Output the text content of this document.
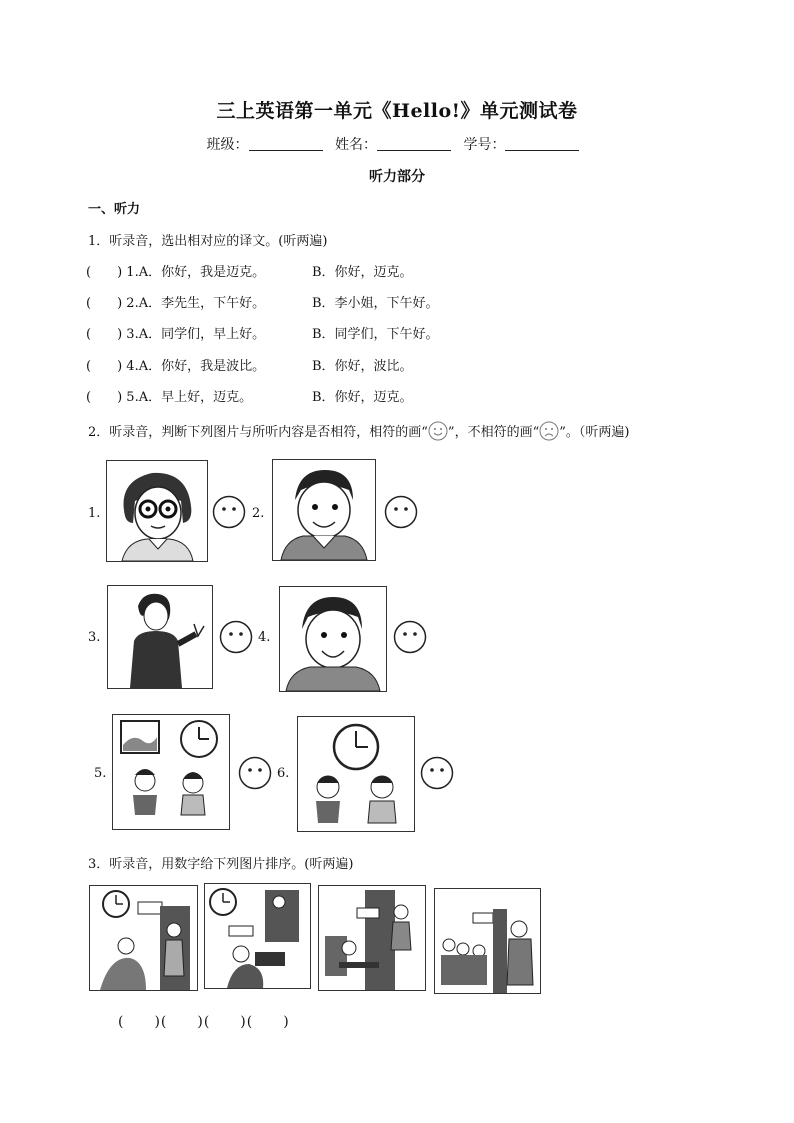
三上英语第一单元《Hello!》单元测试卷
班级：	姓名：	学号：
听力部分
一、听力
1．听录音，选出相对应的译文。(听两遍)
(　　) 1.A．你好，我是迈克。	B．你好，迈克。
(　　) 2.A．李先生，下午好。	B．李小姐，下午好。
(　　) 3.A．同学们，早上好。	B．同学们，下午好。
(　　) 4.A．你好，我是波比。	B．你好，波比。
(　　) 5.A．早上好，迈克。	B．你好，迈克。
2．听录音，判断下列图片与所听内容是否相符，相符的画“ ”，不相符的画“ ”。（听两遍)
1.	2.
3.	4.
5.	6.
3．听录音，用数字给下列图片排序。(听两遍)
(　　)(　　)(　　)(　　)
